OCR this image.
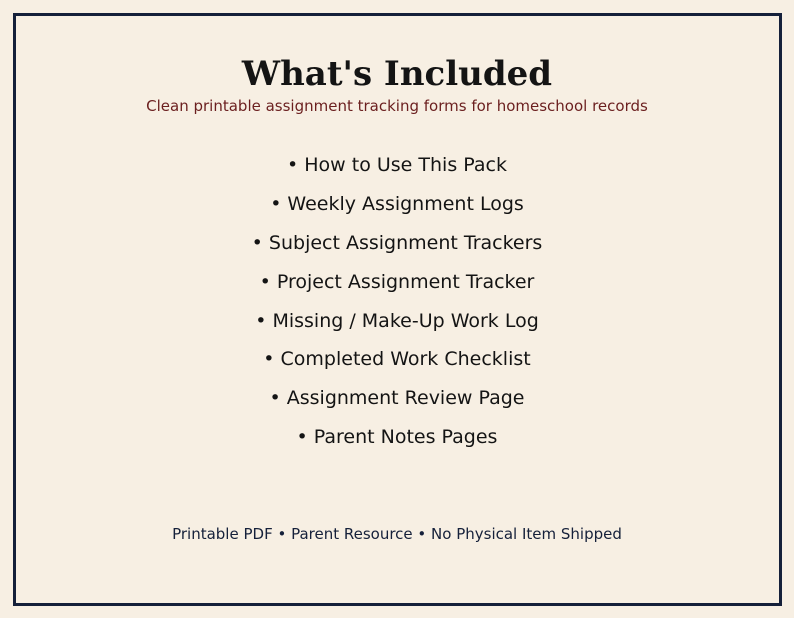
What's Included
Clean printable assignment tracking forms for homeschool records
• How to Use This Pack
• Weekly Assignment Logs
• Subject Assignment Trackers
• Project Assignment Tracker
• Missing / Make-Up Work Log
• Completed Work Checklist
• Assignment Review Page
• Parent Notes Pages
Printable PDF • Parent Resource • No Physical Item Shipped
